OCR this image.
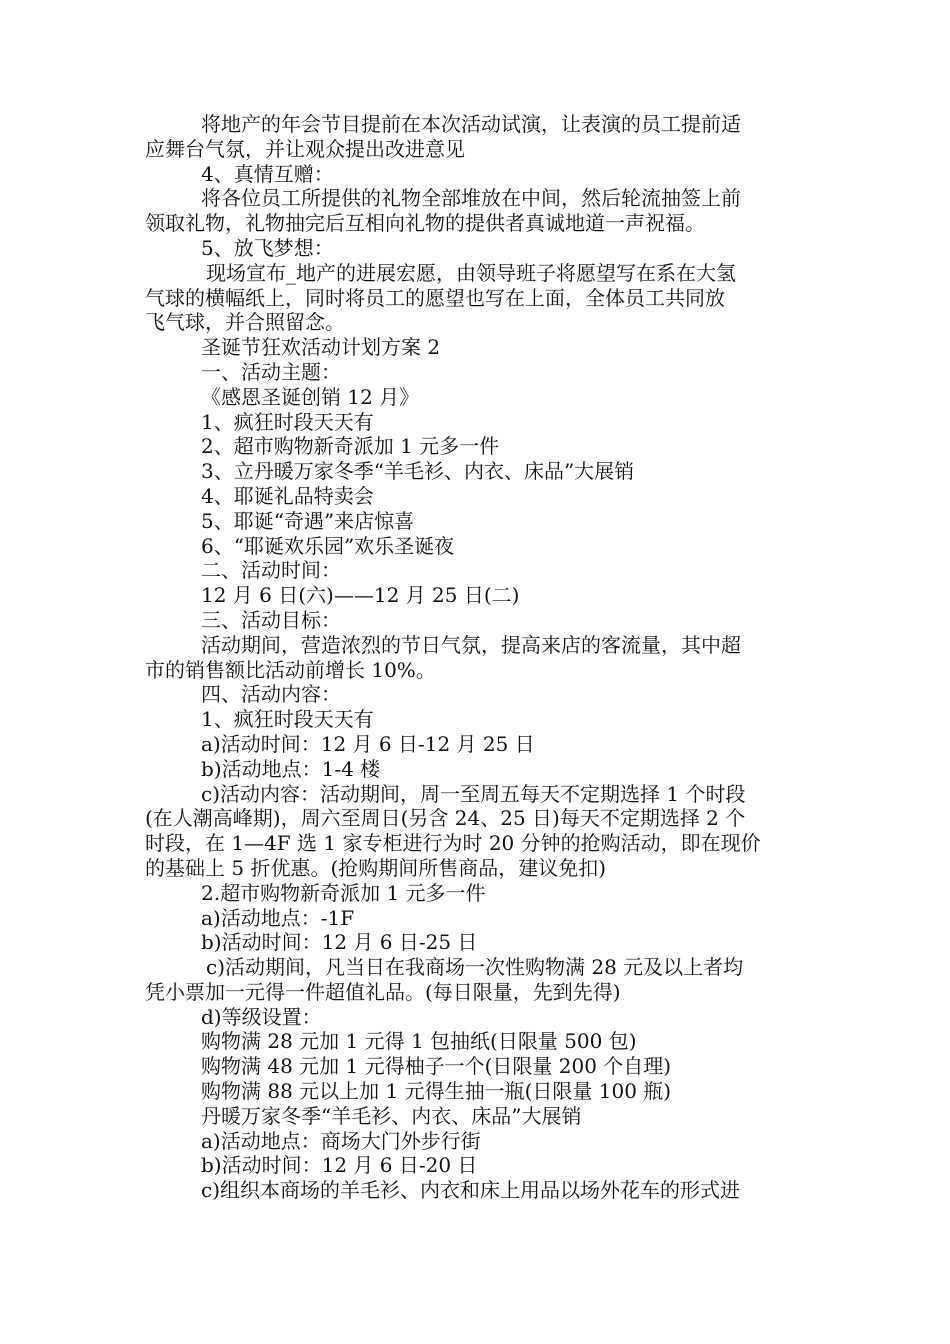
将地产的年会节目提前在本次活动试演，让表演的员工提前适

应舞台气氛，并让观众提出改进意见

4、真情互赠：

将各位员工所提供的礼物全部堆放在中间，然后轮流抽签上前

领取礼物，礼物抽完后互相向礼物的提供者真诚地道一声祝福。

5、放飞梦想：

现场宣布_地产的进展宏愿，由领导班子将愿望写在系在大氢

气球的横幅纸上，同时将员工的愿望也写在上面，全体员工共同放

飞气球，并合照留念。

圣诞节狂欢活动计划方案 2

一、活动主题：

《感恩圣诞创销 12 月》

1、疯狂时段天天有

2、超市购物新奇派加 1 元多一件

3、立丹暖万家冬季“羊毛衫、内衣、床品”大展销

4、耶诞礼品特卖会

5、耶诞“奇遇”来店惊喜

6、“耶诞欢乐园”欢乐圣诞夜

二、活动时间：

12 月 6 日(六)——12 月 25 日(二)

三、活动目标：

活动期间，营造浓烈的节日气氛，提高来店的客流量，其中超

市的销售额比活动前增长 10%。

四、活动内容：

1、疯狂时段天天有

a)活动时间：12 月 6 日-12 月 25 日

b)活动地点：1-4 楼

c)活动内容：活动期间，周一至周五每天不定期选择 1 个时段

(在人潮高峰期)，周六至周日(另含 24、25 日)每天不定期选择 2 个

时段，在 1—4F 选 1 家专柜进行为时 20 分钟的抢购活动，即在现价

的基础上 5 折优惠。(抢购期间所售商品，建议免扣)

2.超市购物新奇派加 1 元多一件

a)活动地点：-1F

b)活动时间：12 月 6 日-25 日

c)活动期间，凡当日在我商场一次性购物满 28 元及以上者均

凭小票加一元得一件超值礼品。(每日限量，先到先得)

d)等级设置：

购物满 28 元加 1 元得 1 包抽纸(日限量 500 包)

购物满 48 元加 1 元得柚子一个(日限量 200 个自理)

购物满 88 元以上加 1 元得生抽一瓶(日限量 100 瓶)

丹暖万家冬季“羊毛衫、内衣、床品”大展销

a)活动地点：商场大门外步行街

b)活动时间：12 月 6 日-20 日

c)组织本商场的羊毛衫、内衣和床上用品以场外花车的形式进
